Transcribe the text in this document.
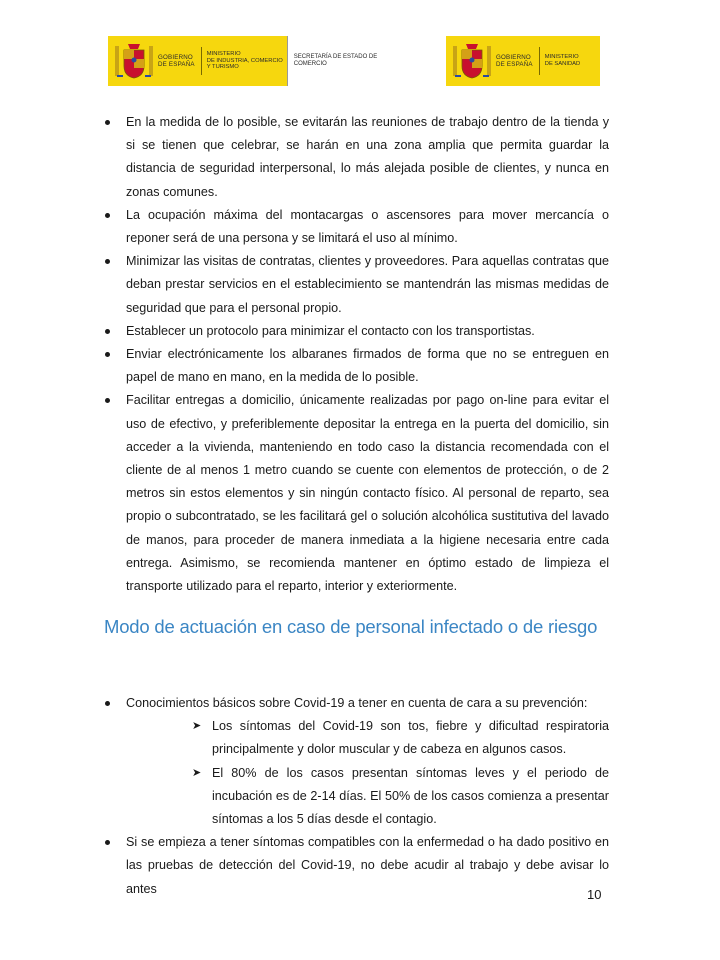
GOBIERNO
DE ESPAÑA
MINISTERIO
DE INDUSTRIA, COMERCIO
Y TURISMO
SECRETARÍA DE ESTADO DE COMERCIO
GOBIERNO
DE ESPAÑA
MINISTERIO
DE SANIDAD
En la medida de lo posible, se evitarán las reuniones de trabajo dentro de la tienda y si se tienen que celebrar, se harán en una zona amplia que permita guardar la distancia de seguridad interpersonal, lo más alejada posible de clientes, y nunca en zonas comunes.
La ocupación máxima del montacargas o ascensores para mover mercancía o reponer será de una persona y se limitará el uso al mínimo.
Minimizar las visitas de contratas, clientes y proveedores. Para aquellas contratas que deban prestar servicios en el establecimiento se mantendrán las mismas medidas de seguridad que para el personal propio.
Establecer un protocolo para minimizar el contacto con los transportistas.
Enviar electrónicamente los albaranes firmados de forma que no se entreguen en papel de mano en mano, en la medida de lo posible.
Facilitar entregas a domicilio, únicamente realizadas por pago on-line para evitar el uso de efectivo, y preferiblemente depositar la entrega en la puerta del domicilio, sin acceder a la vivienda, manteniendo en todo caso la distancia recomendada con el cliente de al menos 1 metro cuando se cuente con elementos de protección, o de 2 metros sin estos elementos y sin ningún contacto físico. Al personal de reparto, sea propio o subcontratado, se les facilitará gel o solución alcohólica sustitutiva del lavado de manos, para proceder de manera inmediata a la higiene necesaria entre cada entrega. Asimismo, se recomienda mantener en óptimo estado de limpieza el transporte utilizado para el reparto, interior y exteriormente.
Modo de actuación en caso de personal infectado o de riesgo
Conocimientos básicos sobre Covid-19 a tener en cuenta de cara a su prevención:
➤ Los síntomas del Covid-19 son tos, fiebre y dificultad respiratoria principalmente y dolor muscular y de cabeza en algunos casos.
➤ El 80% de los casos presentan síntomas leves y el periodo de incubación es de 2-14 días. El 50% de los casos comienza a presentar síntomas a los 5 días desde el contagio.
Si se empieza a tener síntomas compatibles con la enfermedad o ha dado positivo en las pruebas de detección del Covid-19, no debe acudir al trabajo y debe avisar lo antes	10
